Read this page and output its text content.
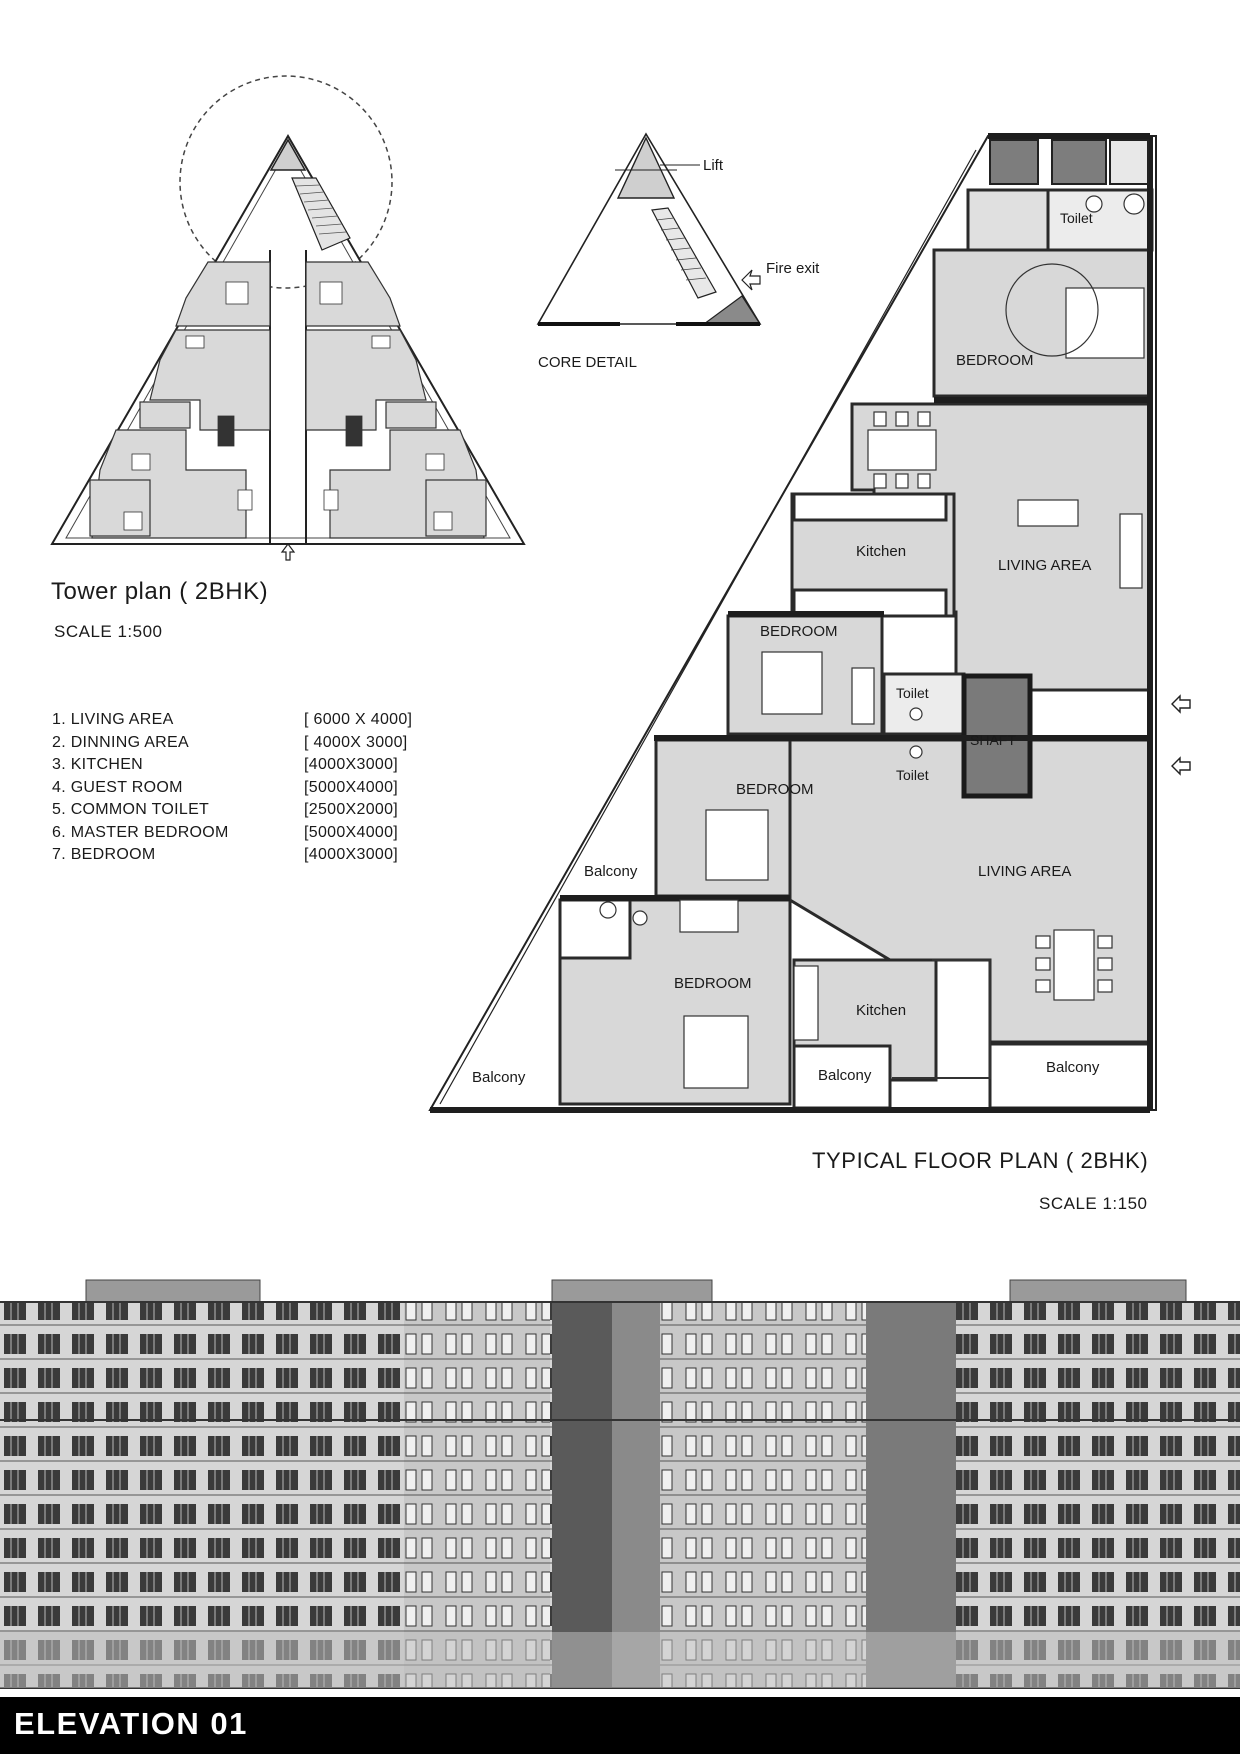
Lift
Fire exit
CORE DETAIL
Toilet
BEDROOM
Kitchen
LIVING AREA
BEDROOM
Toilet
SHAFT
Toilet
BEDROOM
Balcony	LIVING AREA
BEDROOM
Kitchen
Balcony	Balcony	Balcony
Tower plan ( 2BHK)
SCALE 1:500
1. LIVING AREA	[ 6000 X 4000]
2. DINNING AREA	[ 4000X 3000]
3. KITCHEN	[4000X3000]
4. GUEST ROOM	[5000X4000]
5. COMMON TOILET	[2500X2000]
6. MASTER BEDROOM	[5000X4000]
7. BEDROOM	[4000X3000]
TYPICAL FLOOR PLAN ( 2BHK)
SCALE 1:150
ELEVATION 01
